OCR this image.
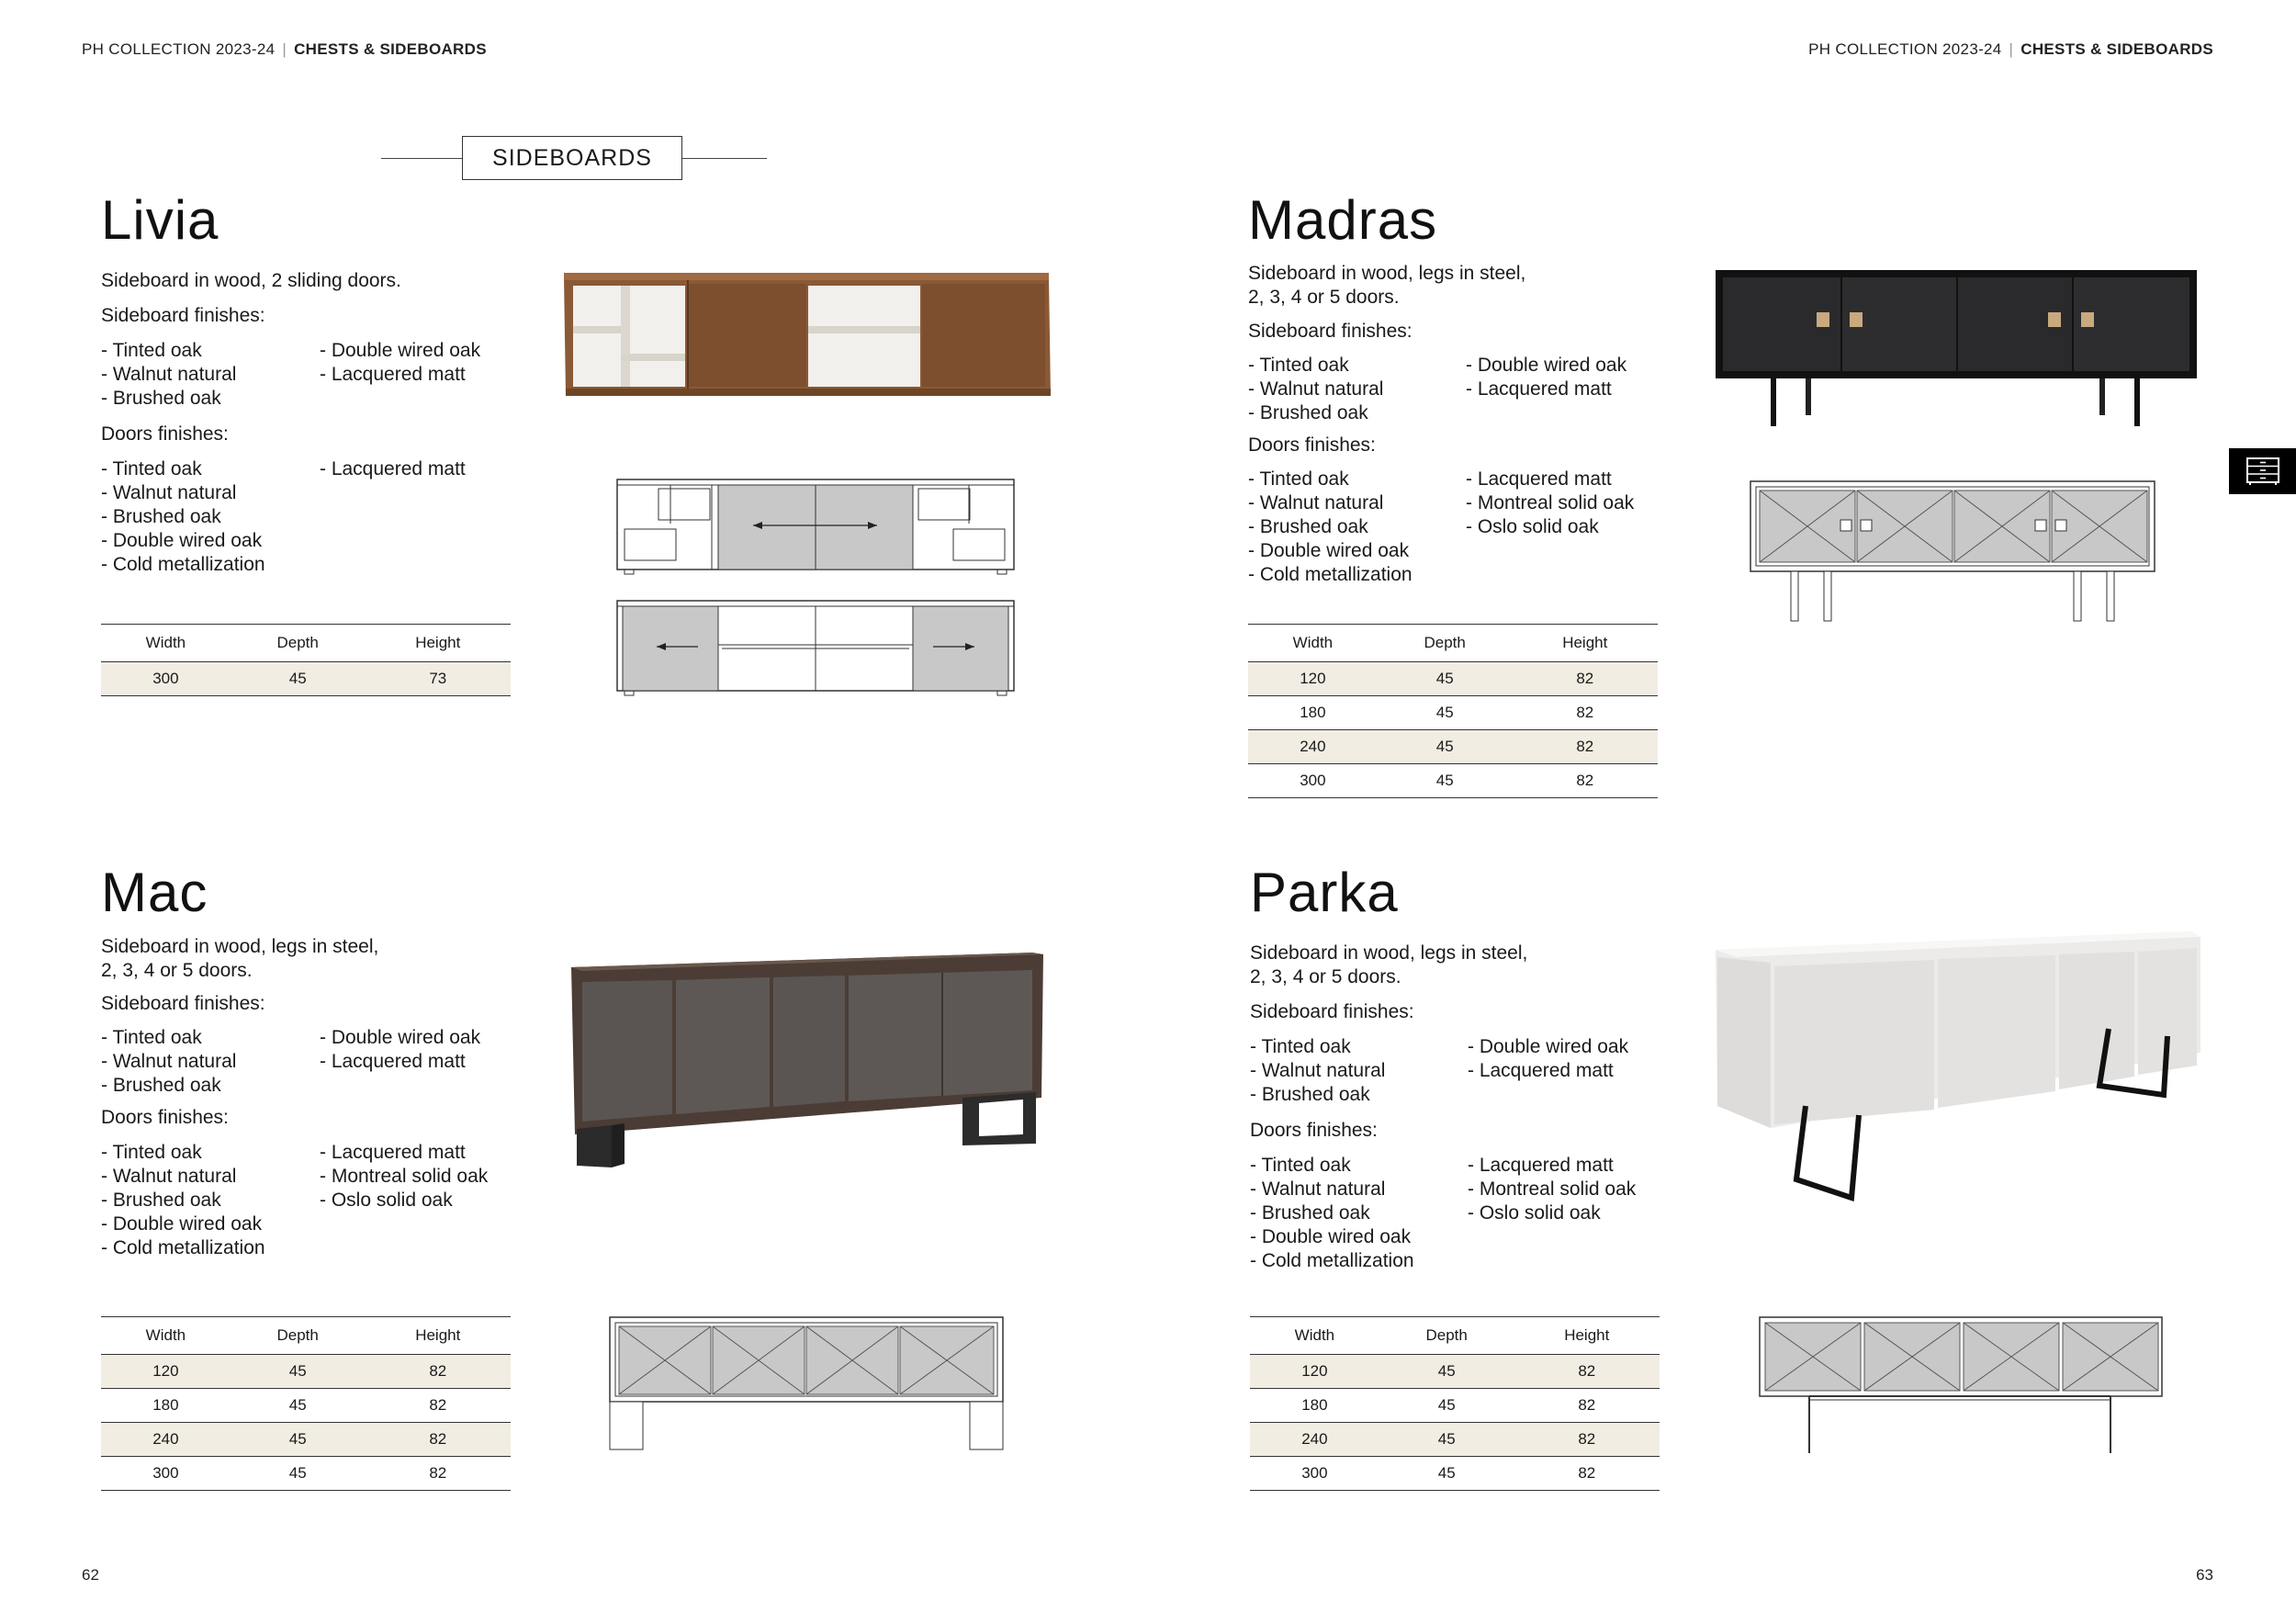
PH COLLECTION 2023-24 | CHESTS & SIDEBOARDS	PH COLLECTION 2023-24 | CHESTS & SIDEBOARDS
SIDEBOARDS
Livia
Sideboard in wood, 2 sliding doors.
Sideboard finishes:
- Tinted oak
- Walnut natural
- Brushed oak
- Double wired oak
- Lacquered matt
Doors finishes:
- Tinted oak
- Walnut natural
- Brushed oak
- Double wired oak
- Cold metallization
- Lacquered matt
Width	Depth	Height
300	45	73
Madras
Sideboard in wood, legs in steel,
2, 3, 4 or 5 doors.
Sideboard finishes:
- Tinted oak
- Walnut natural
- Brushed oak
- Double wired oak
- Lacquered matt
Doors finishes:
- Tinted oak
- Walnut natural
- Brushed oak
- Double wired oak
- Cold metallization
- Lacquered matt
- Montreal solid oak
- Oslo solid oak
Width	Depth	Height
120	45	82
180	45	82
240	45	82
300	45	82
Mac
Sideboard in wood, legs in steel,
2, 3, 4 or 5 doors.
Sideboard finishes:
- Tinted oak
- Walnut natural
- Brushed oak
- Double wired oak
- Lacquered matt
Doors finishes:
- Tinted oak
- Walnut natural
- Brushed oak
- Double wired oak
- Cold metallization
- Lacquered matt
- Montreal solid oak
- Oslo solid oak
Width	Depth	Height
120	45	82
180	45	82
240	45	82
300	45	82
Parka
Sideboard in wood, legs in steel,
2, 3, 4 or 5 doors.
Sideboard finishes:
- Tinted oak
- Walnut natural
- Brushed oak
- Double wired oak
- Lacquered matt
Doors finishes:
- Tinted oak
- Walnut natural
- Brushed oak
- Double wired oak
- Cold metallization
- Lacquered matt
- Montreal solid oak
- Oslo solid oak
Width	Depth	Height
120	45	82
180	45	82
240	45	82
300	45	82
62	63
